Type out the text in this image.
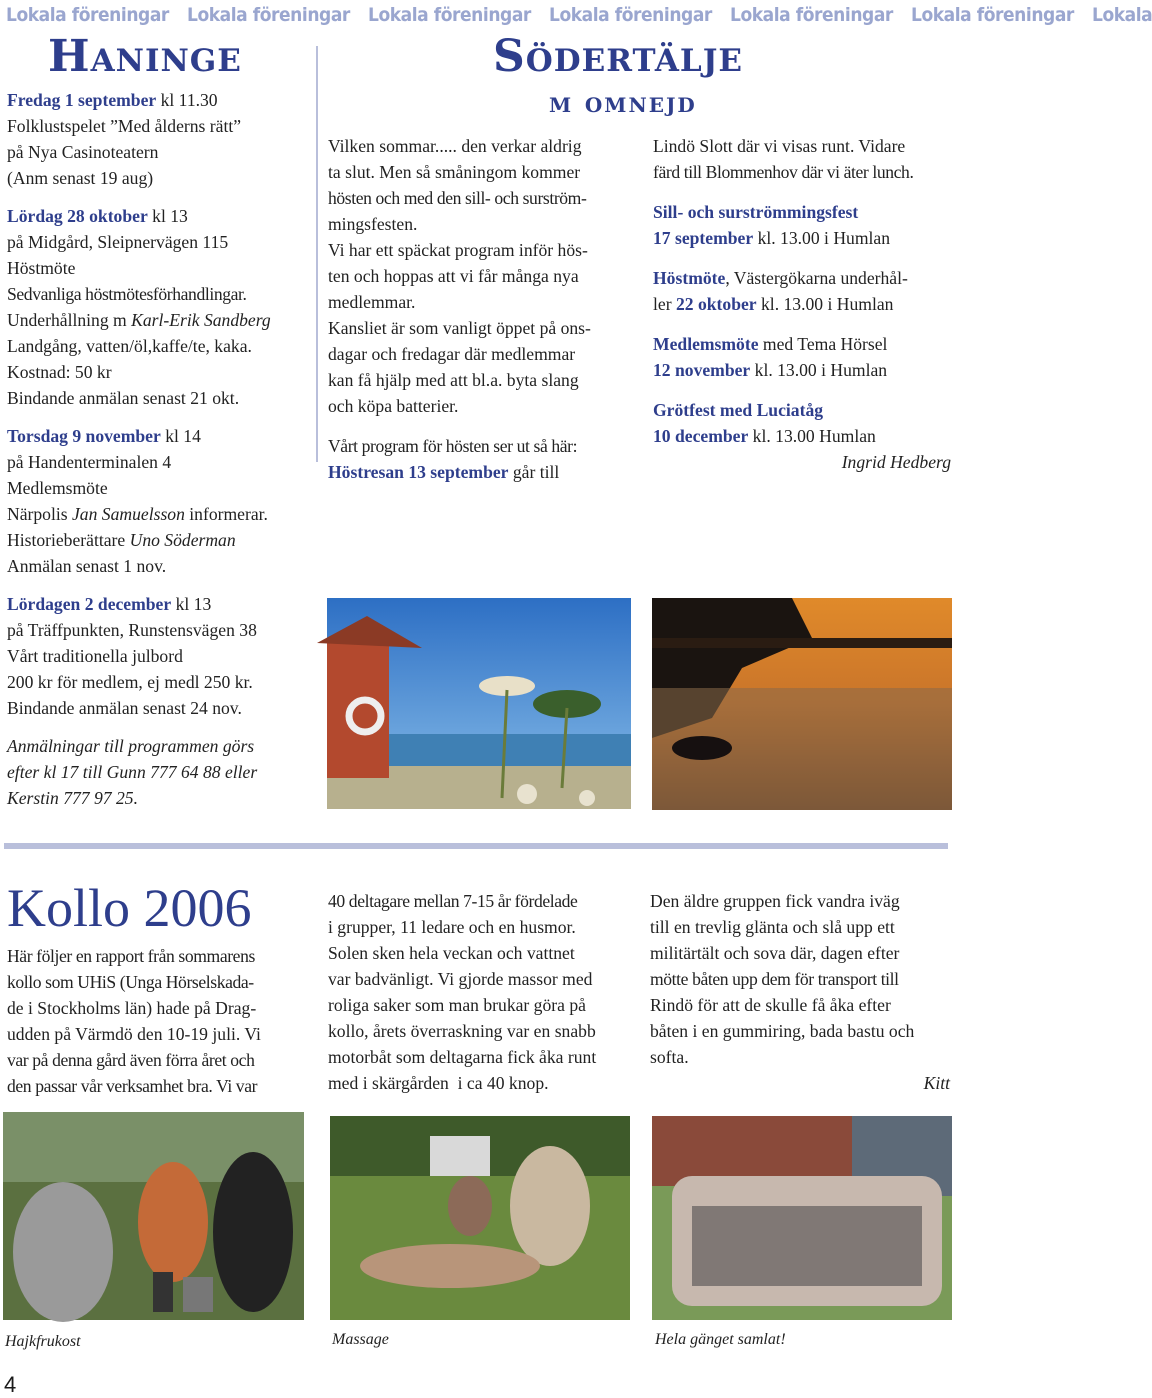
Lokala föreningar Lokala föreningar Lokala föreningar Lokala föreningar Lokala föreningar Lokala föreningar Lokala
Haninge

Fredag 1 september kl 11.30
Folklustspelet ”Med ålderns rätt”
på Nya Casinoteatern
(Anm senast 19 aug)

Lördag 28 oktober kl 13
på Midgård, Sleipnervägen 115
Höstmöte
Sedvanliga höstmötesförhandlingar.
Underhållning m Karl-Erik Sandberg
Landgång, vatten/öl,kaffe/te, kaka.
Kostnad: 50 kr
Bindande anmälan senast 21 okt.

Torsdag 9 november kl 14
på Handenterminalen 4
Medlemsmöte
Närpolis Jan Samuelsson informerar.
Historieberättare Uno Söderman
Anmälan senast 1 nov.

Lördagen 2 december kl 13
på Träffpunkten, Runstensvägen 38
Vårt traditionella julbord
200 kr för medlem, ej medl 250 kr.
Bindande anmälan senast 24 nov.

Anmälningar till programmen görs
efter kl 17 till Gunn 777 64 88 eller
Kerstin 777 97 25.

Södertälje
m omnejd

Vilken sommar..... den verkar aldrig
ta slut. Men så småningom kommer
hösten och med den sill- och surström-
mingsfesten.

Vi har ett späckat program inför hös-
ten och hoppas att vi får många nya
medlemmar.

Kansliet är som vanligt öppet på ons-
dagar och fredagar där medlemmar
kan få hjälp med att bl.a. byta slang
och köpa batterier.

Vårt program för hösten ser ut så här:
Höstresan 13 september går till

Lindö Slott där vi visas runt. Vidare
färd till Blommenhov där vi äter lunch.

Sill- och surströmmingsfest
17 september kl. 13.00 i Humlan

Höstmöte, Västergökarna underhål-
ler 22 oktober kl. 13.00 i Humlan

Medlemsmöte med Tema Hörsel
12 november kl. 13.00 i Humlan

Grötfest med Luciatåg
10 december kl. 13.00 Humlan
Ingrid Hedberg

Kollo 2006
Här följer en rapport från sommarens
kollo som UHiS (Unga Hörselskada-
de i Stockholms län) hade på Drag-
udden på Värmdö den 10-19 juli. Vi
var på denna gård även förra året och
den passar vår verksamhet bra. Vi var
40 deltagare mellan 7-15 år fördelade
i grupper, 11 ledare och en husmor.
Solen sken hela veckan och vattnet
var badvänligt. Vi gjorde massor med
roliga saker som man brukar göra på
kollo, årets överraskning var en snabb
motorbåt som deltagarna fick åka runt
med i skärgården  i ca 40 knop.
Den äldre gruppen fick vandra iväg
till en trevlig glänta och slå upp ett
militärtält och sova där, dagen efter
mötte båten upp dem för transport till
Rindö för att de skulle få åka efter
båten i en gummiring, bada bastu och
softa.
Kitt
Hajkfrukost	Massage	Hela gänget samlat!
4
